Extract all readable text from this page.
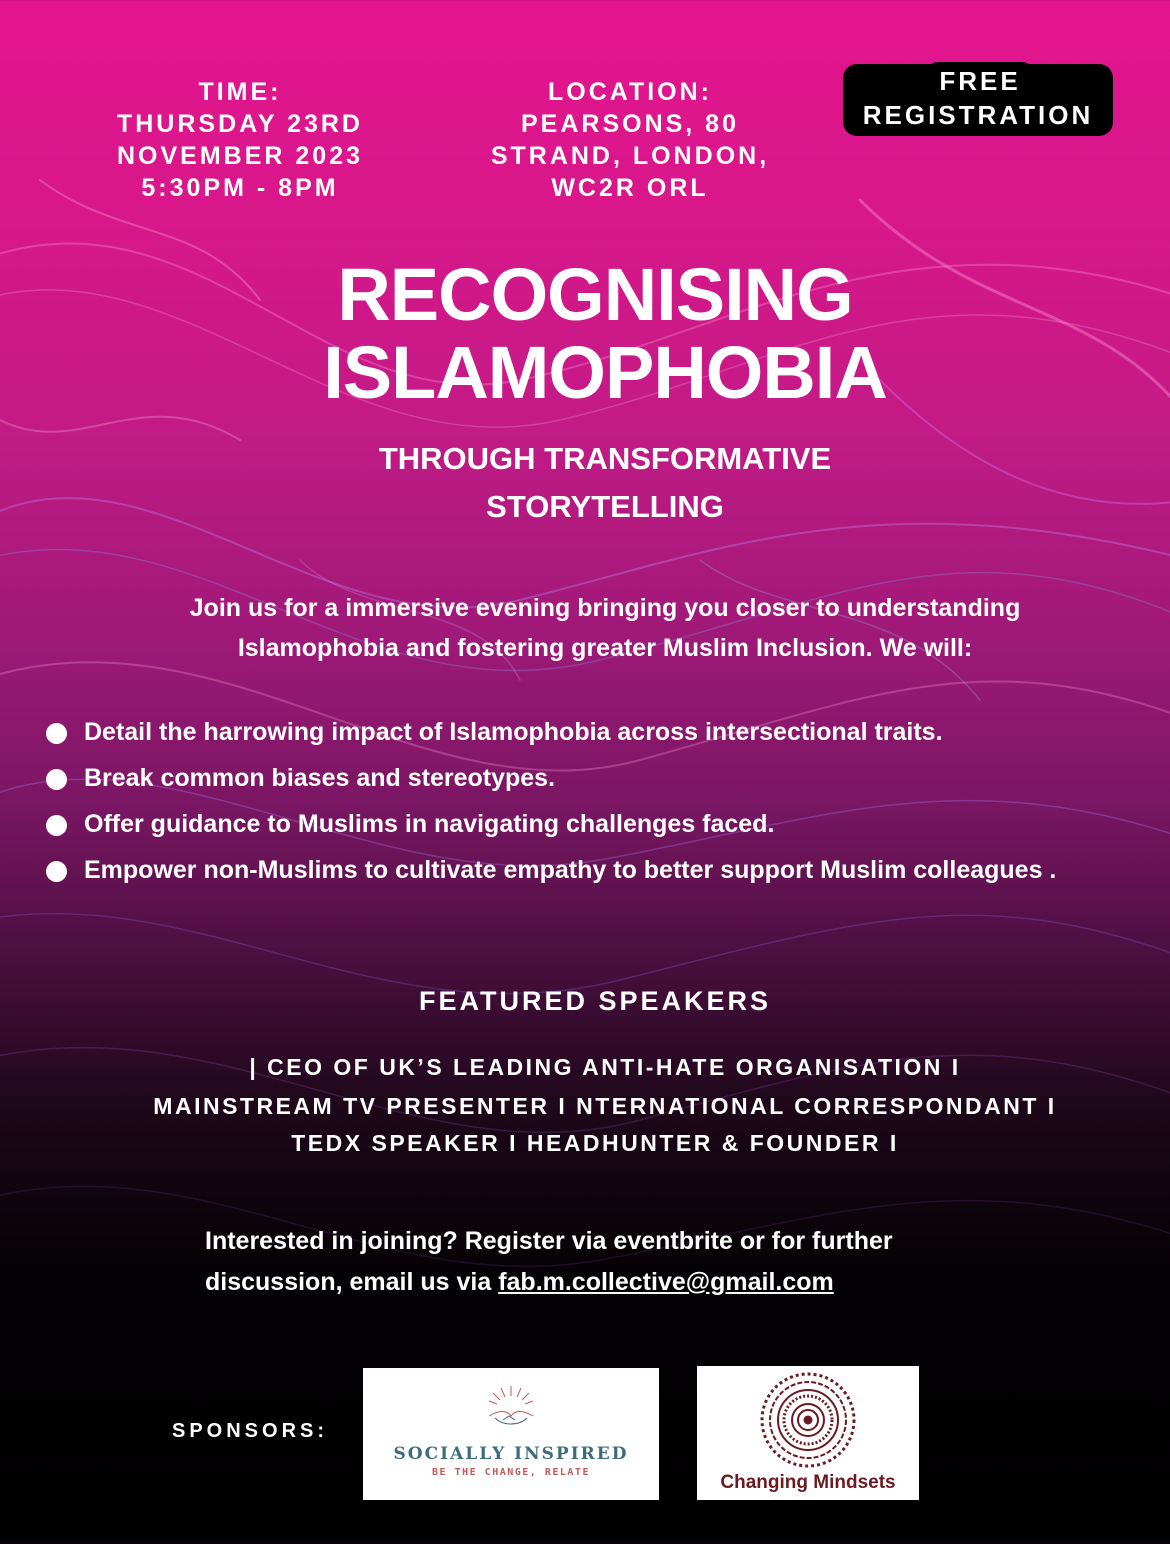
TIME:
THURSDAY 23RD
NOVEMBER 2023
5:30PM - 8PM
LOCATION:
PEARSONS, 80
STRAND, LONDON,
WC2R ORL
FREE
REGISTRATION
RECOGNISING
ISLAMOPHOBIA
THROUGH TRANSFORMATIVE
STORYTELLING
Join us for a immersive evening bringing you closer to understanding
Islamophobia and fostering greater Muslim Inclusion. We will:
Detail the harrowing impact of Islamophobia across intersectional traits.
Break common biases and stereotypes.
Offer guidance to Muslims in navigating challenges faced.
Empower non-Muslims to cultivate empathy to better support Muslim colleagues .
FEATURED SPEAKERS
| CEO OF UK’S LEADING ANTI-HATE ORGANISATION I
MAINSTREAM TV PRESENTER I NTERNATIONAL CORRESPONDANT I
TEDX SPEAKER I HEADHUNTER & FOUNDER I
Interested in joining? Register via eventbrite or for further
discussion, email us via fab.m.collective@gmail.com
SPONSORS:
SOCIALLY INSPIRED
BE THE CHANGE, RELATE	Changing Mindsets
